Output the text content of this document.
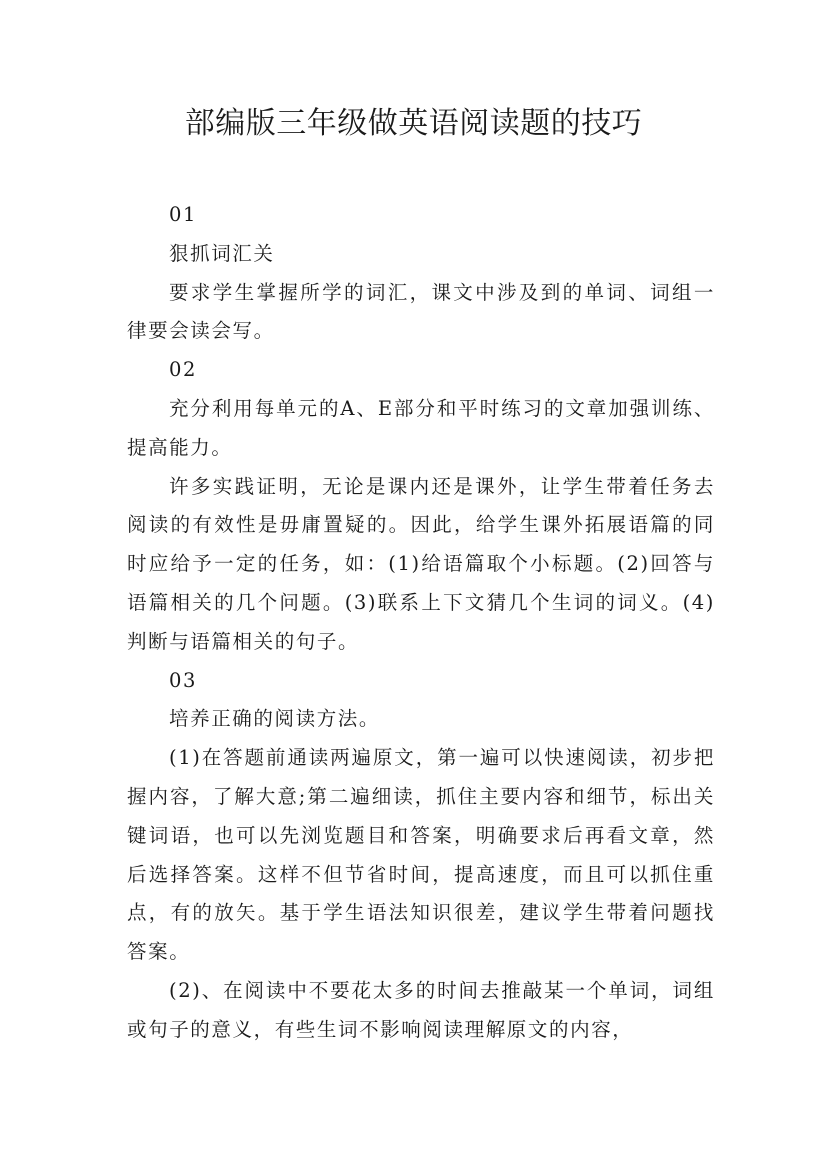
部编版三年级做英语阅读题的技巧

01

狠抓词汇关

要求学生掌握所学的词汇，课文中涉及到的单词、词组一律要会读会写。

02

充分利用每单元的A、E部分和平时练习的文章加强训练、提高能力。

许多实践证明，无论是课内还是课外，让学生带着任务去阅读的有效性是毋庸置疑的。因此，给学生课外拓展语篇的同时应给予一定的任务，如：(1)给语篇取个小标题。(2)回答与语篇相关的几个问题。(3)联系上下文猜几个生词的词义。(4)判断与语篇相关的句子。

03

培养正确的阅读方法。

(1)在答题前通读两遍原文，第一遍可以快速阅读，初步把握内容，了解大意;第二遍细读，抓住主要内容和细节，标出关键词语，也可以先浏览题目和答案，明确要求后再看文章，然后选择答案。这样不但节省时间，提高速度，而且可以抓住重点，有的放矢。基于学生语法知识很差，建议学生带着问题找答案。

(2)、在阅读中不要花太多的时间去推敲某一个单词，词组或句子的意义，有些生词不影响阅读理解原文的内容，
